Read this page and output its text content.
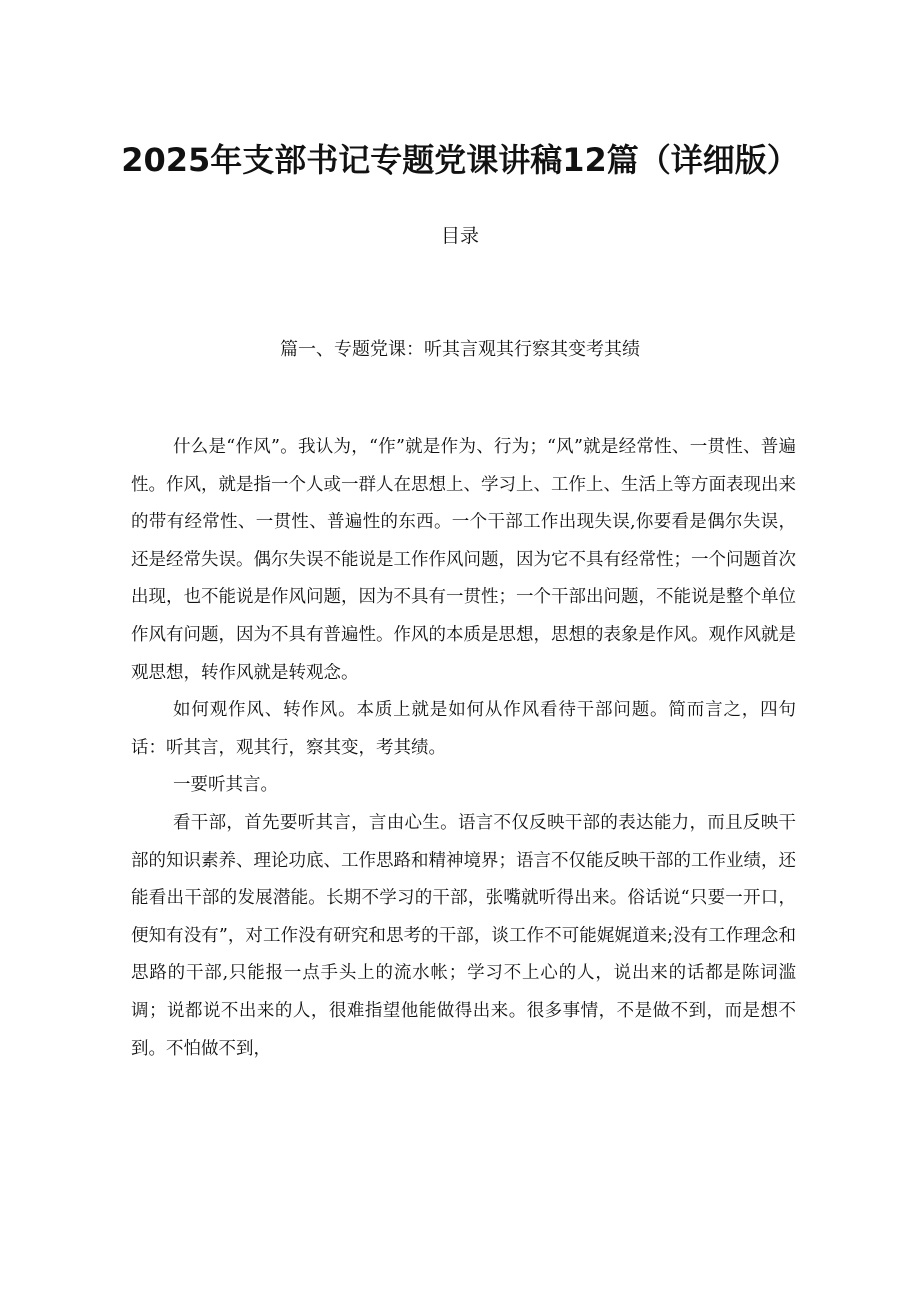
2025年支部书记专题党课讲稿12篇（详细版）
目录
篇一、专题党课：听其言观其行察其变考其绩

什么是“作风”。我认为，“作”就是作为、行为；“风”就是经常性、一贯性、普遍性。作风，就是指一个人或一群人在思想上、学习上、工作上、生活上等方面表现出来的带有经常性、一贯性、普遍性的东西。一个干部工作出现失误,你要看是偶尔失误，还是经常失误。偶尔失误不能说是工作作风问题，因为它不具有经常性；一个问题首次出现，也不能说是作风问题，因为不具有一贯性；一个干部出问题，不能说是整个单位作风有问题，因为不具有普遍性。作风的本质是思想，思想的表象是作风。观作风就是观思想，转作风就是转观念。

如何观作风、转作风。本质上就是如何从作风看待干部问题。简而言之，四句话：听其言，观其行，察其变，考其绩。

一要听其言。

看干部，首先要听其言，言由心生。语言不仅反映干部的表达能力，而且反映干部的知识素养、理论功底、工作思路和精神境界；语言不仅能反映干部的工作业绩，还能看出干部的发展潜能。长期不学习的干部，张嘴就听得出来。俗话说“只要一开口，便知有没有”，对工作没有研究和思考的干部，谈工作不可能娓娓道来;没有工作理念和思路的干部,只能报一点手头上的流水帐；学习不上心的人，说出来的话都是陈词滥调；说都说不出来的人，很难指望他能做得出来。很多事情，不是做不到，而是想不到。不怕做不到，
